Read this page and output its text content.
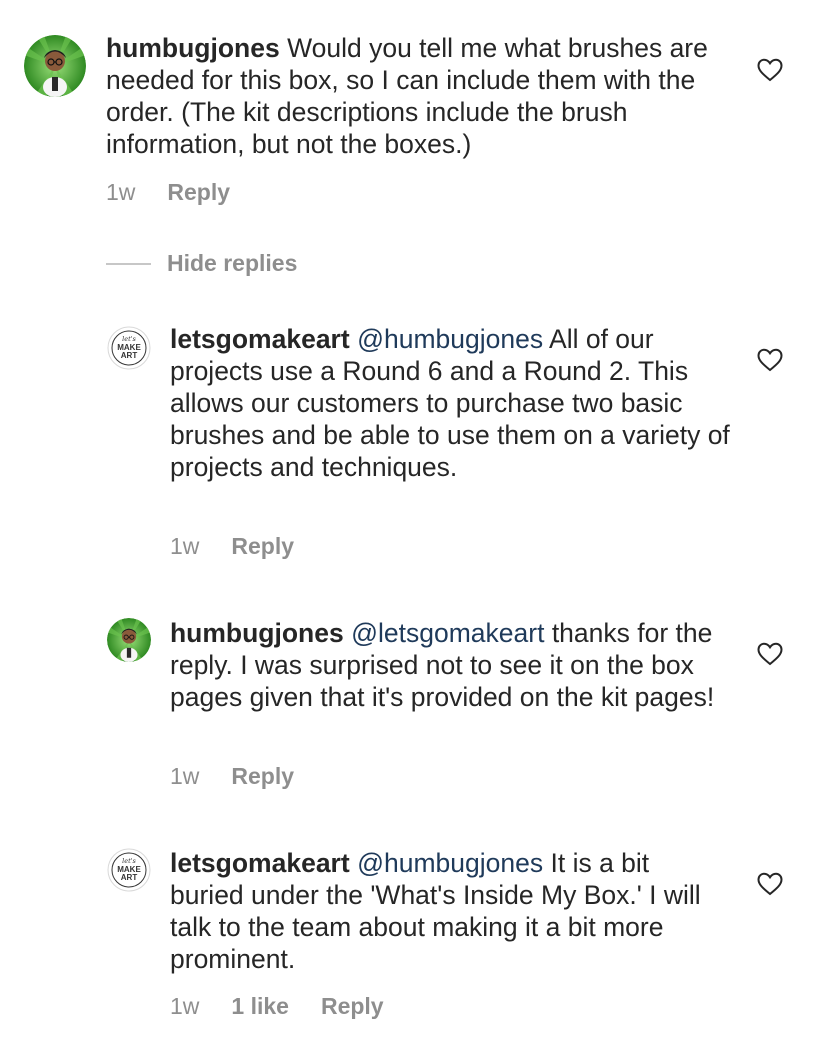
humbugjones Would you tell me what brushes are needed for this box, so I can include them with the order. (The kit descriptions include the brush information, but not the boxes.)
1w Reply
Hide replies
let's
MAKE
ART
letsgomakeart @humbugjones All of our projects use a Round 6 and a Round 2. This allows our customers to purchase two basic brushes and be able to use them on a variety of projects and techniques.
1w Reply
humbugjones @letsgomakeart thanks for the reply. I was surprised not to see it on the box pages given that it's provided on the kit pages!
1w Reply
let's
MAKE
ART letsgomakeart @humbugjones It is a bit buried under the 'What's Inside My Box.' I will talk to the team about making it a bit more prominent.
1w 1 like Reply
